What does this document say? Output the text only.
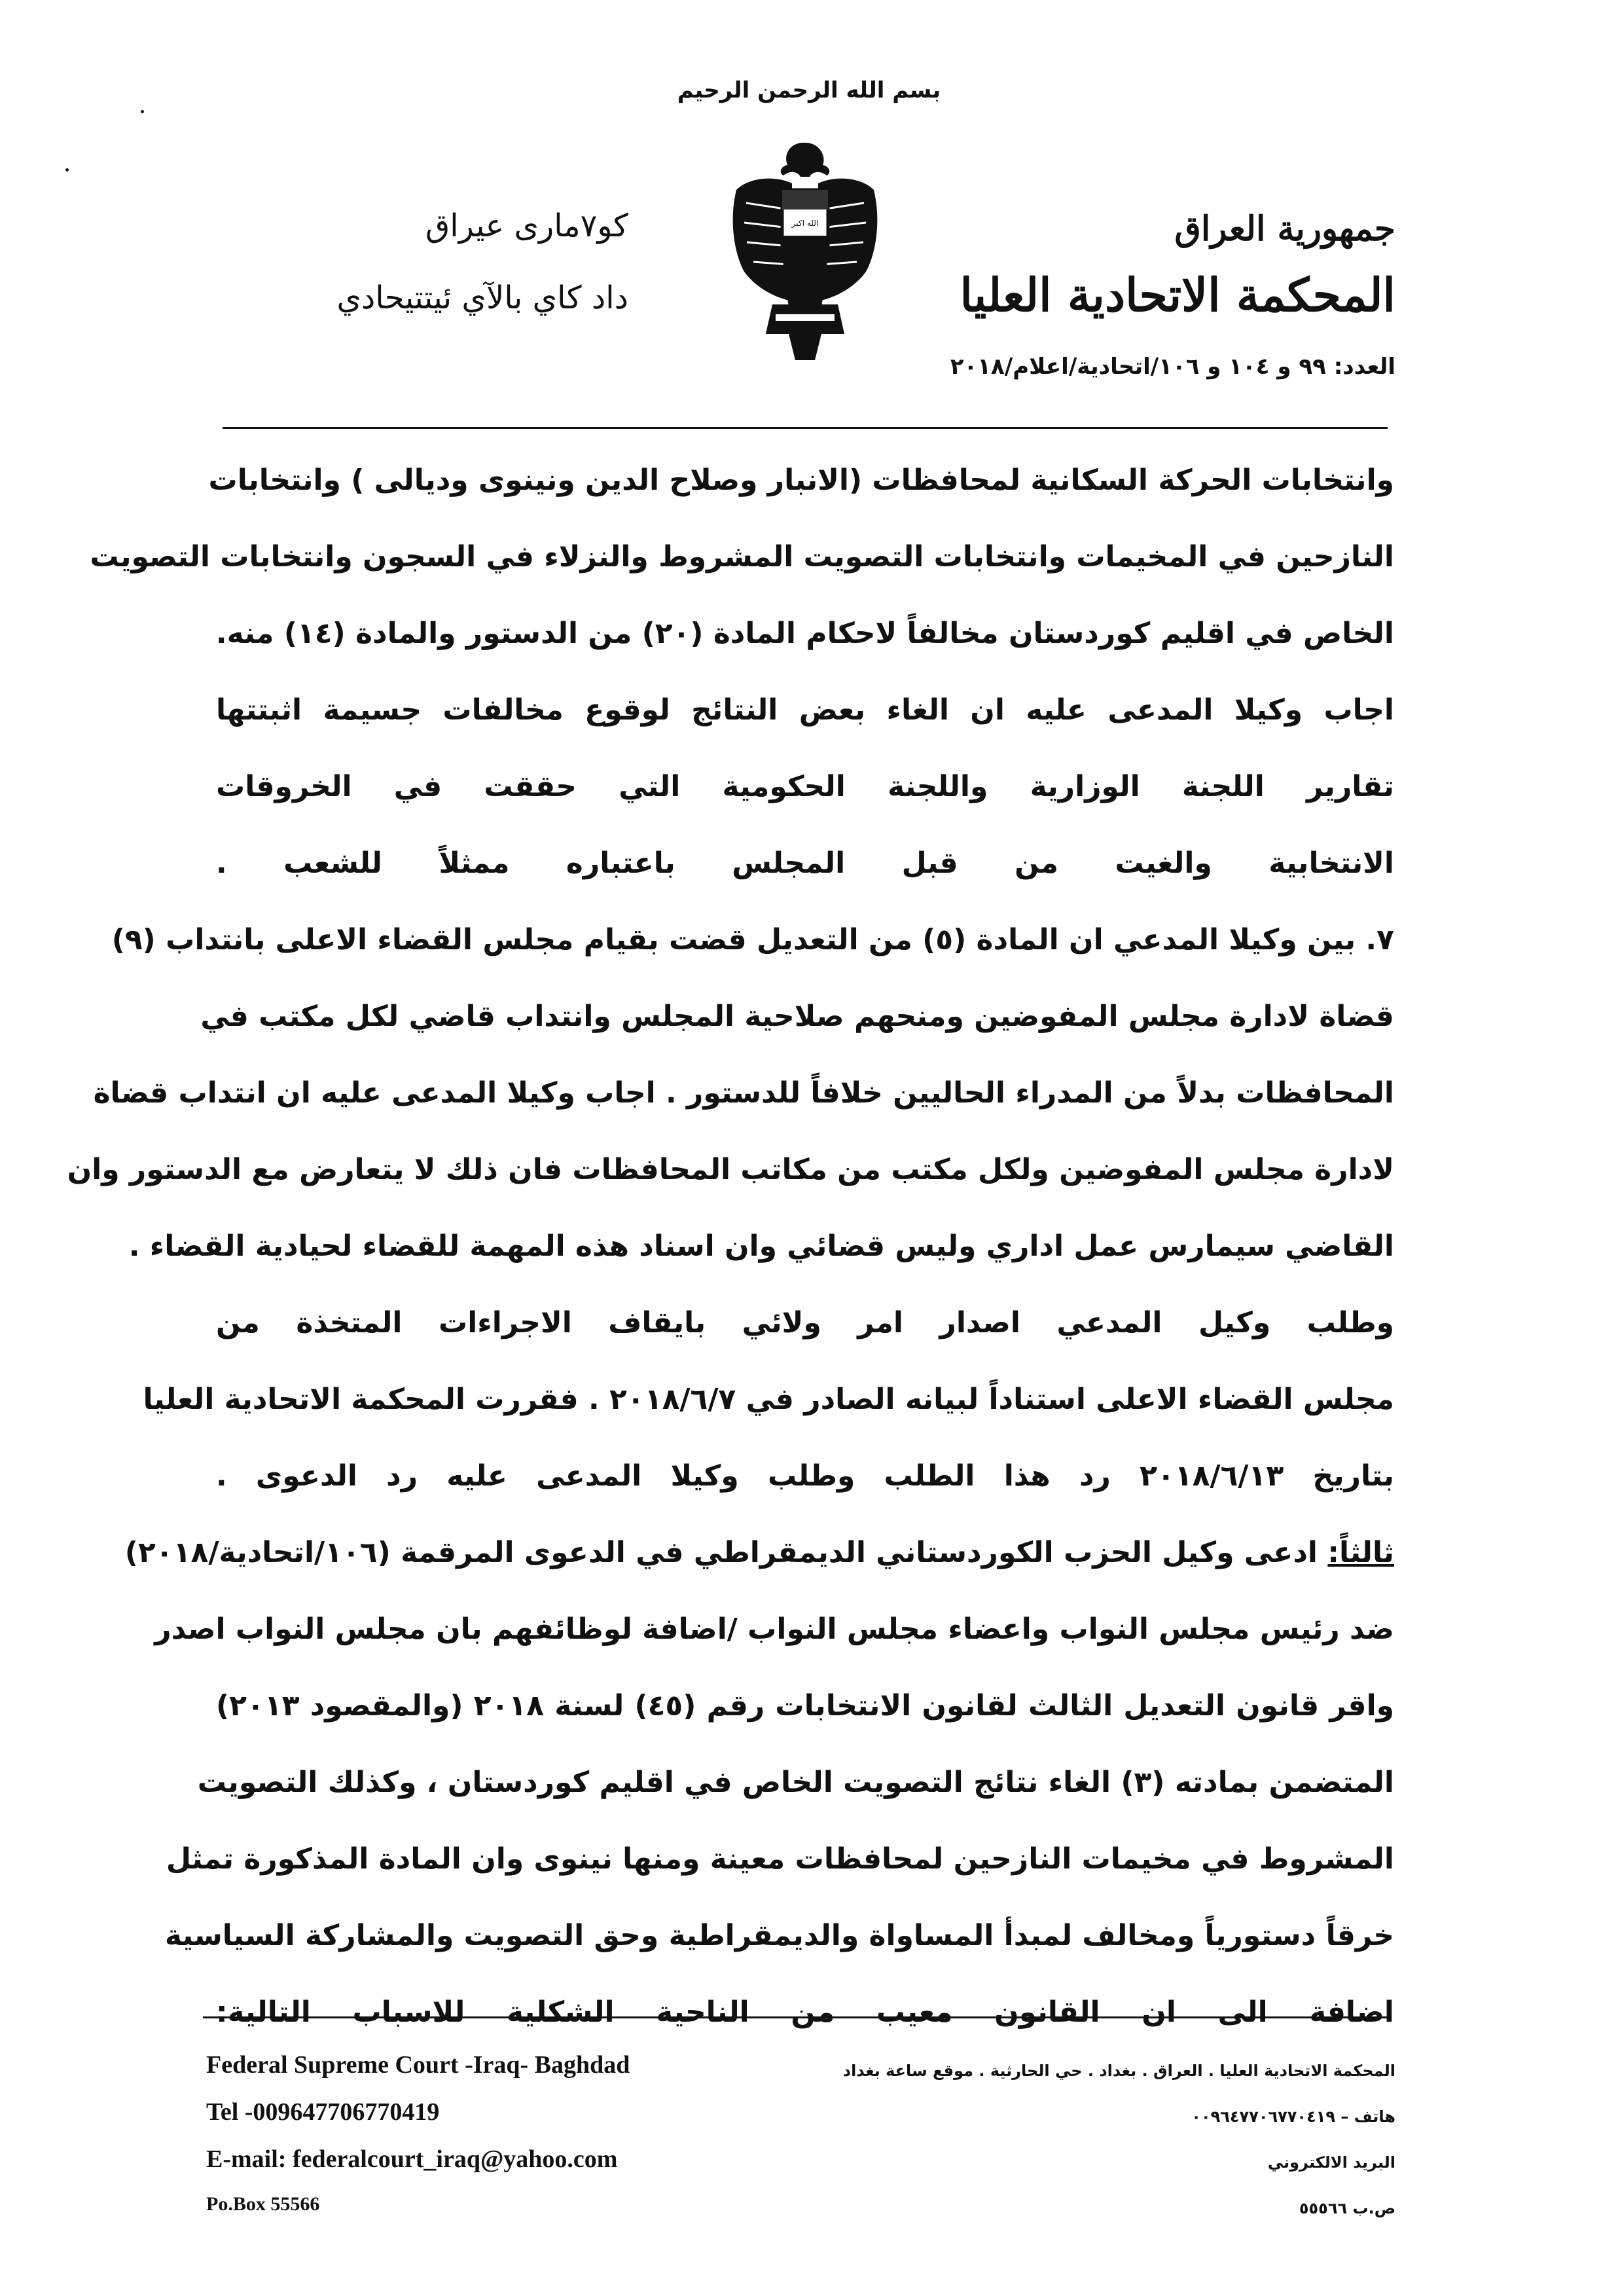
بسم الله الرحمن الرحيم
جمهورية العراق
المحكمة الاتحادية العليا
الله اكبر
كو٧مارى عيراق
داد كاي بالآي ئيتتيحادي
العدد: ٩٩ و ١٠٤ و ١٠٦/اتحادية/اعلام/٢٠١٨
وانتخابات الحركة السكانية لمحافظات (الانبار وصلاح الدين ونينوى وديالى ) وانتخابات
النازحين في المخيمات وانتخابات التصويت المشروط والنزلاء في السجون وانتخابات التصويت
الخاص في اقليم كوردستان مخالفاً لاحكام المادة (٢٠) من الدستور والمادة (١٤) منه.
اجاب وكيلا المدعى عليه ان الغاء بعض النتائج لوقوع مخالفات جسيمة اثبتتها
تقارير اللجنة الوزارية واللجنة الحكومية التي حققت في الخروقات
الانتخابية والغيت من قبل المجلس باعتباره ممثلاً للشعب .
٧. بين وكيلا المدعي ان المادة (٥) من التعديل قضت بقيام مجلس القضاء الاعلى بانتداب (٩)
قضاة لادارة مجلس المفوضين ومنحهم صلاحية المجلس وانتداب قاضي لكل مكتب في
المحافظات بدلاً من المدراء الحاليين خلافاً للدستور . اجاب وكيلا المدعى عليه ان انتداب قضاة
لادارة مجلس المفوضين ولكل مكتب من مكاتب المحافظات فان ذلك لا يتعارض مع الدستور وان
القاضي سيمارس عمل اداري وليس قضائي وان اسناد هذه المهمة للقضاء لحيادية القضاء .
وطلب وكيل المدعي اصدار امر ولائي بايقاف الاجراءات المتخذة من
مجلس القضاء الاعلى استناداً لبيانه الصادر في ٢٠١٨/٦/٧ . فقررت المحكمة الاتحادية العليا
بتاريخ ٢٠١٨/٦/١٣ رد هذا الطلب وطلب وكيلا المدعى عليه رد الدعوى .
ثالثاً: ادعى وكيل الحزب الكوردستاني الديمقراطي في الدعوى المرقمة (١٠٦/اتحادية/٢٠١٨)
ضد رئيس مجلس النواب واعضاء مجلس النواب /اضافة لوظائفهم بان مجلس النواب اصدر
واقر قانون التعديل الثالث لقانون الانتخابات رقم (٤٥) لسنة ٢٠١٨ (والمقصود ٢٠١٣)
المتضمن بمادته (٣) الغاء نتائج التصويت الخاص في اقليم كوردستان ، وكذلك التصويت
المشروط في مخيمات النازحين لمحافظات معينة ومنها نينوى وان المادة المذكورة تمثل
خرقاً دستورياً ومخالف لمبدأ المساواة والديمقراطية وحق التصويت والمشاركة السياسية
اضافة الى ان القانون معيب من الناحية الشكلية للاسباب التالية:
Federal Supreme Court -Iraq- Baghdad
Tel -009647706770419
E-mail: federalcourt_iraq@yahoo.com
Po.Box 55566
المحكمة الاتحادية العليا . العراق . بغداد . حي الحارثية . موقع ساعة بغداد
هاتف – ٠٠٩٦٤٧٧٠٦٧٧٠٤١٩
البريد الالكتروني
ص.ب ٥٥٥٦٦
